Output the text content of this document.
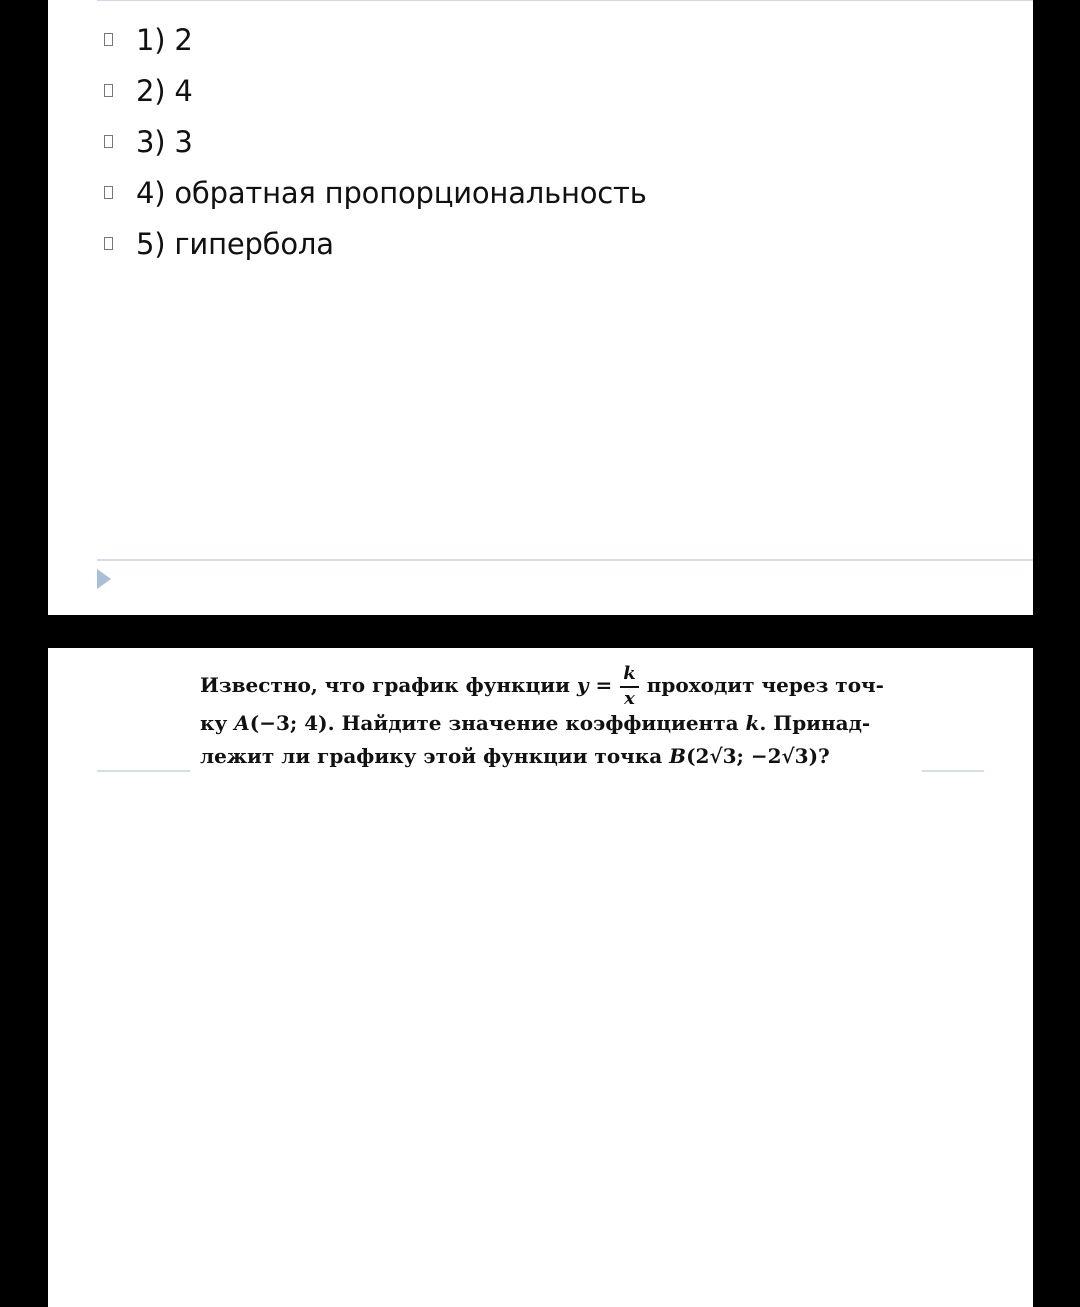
1) 2
2) 4
3) 3
4) обратная пропорциональность
5) гипербола
Известно, что график функции $y = \frac{k}{x}$ проходит через точ-
ку A(−3; 4). Найдите значение коэффициента k. Принад-
лежит ли графику этой функции точка B(2√3; −2√3)?
